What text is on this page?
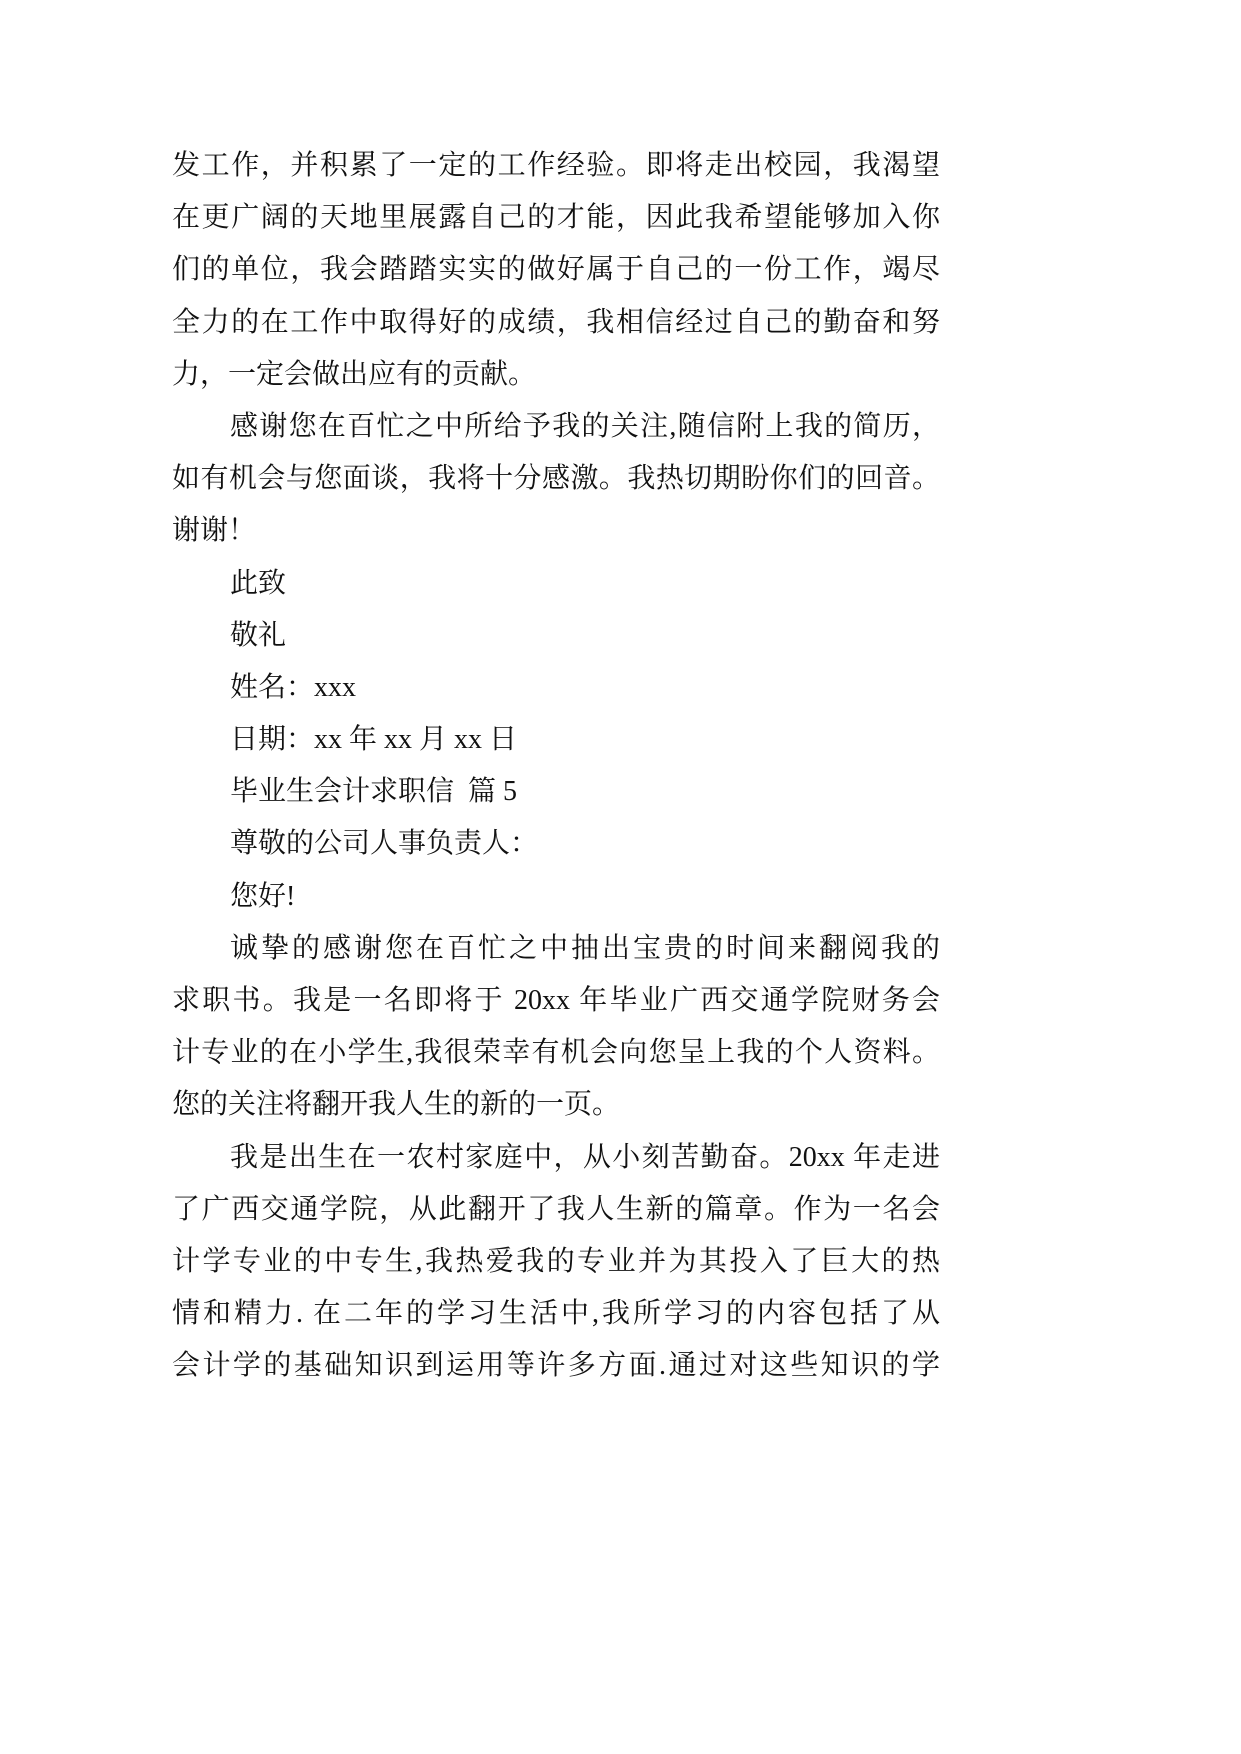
发工作，并积累了一定的工作经验。即将走出校园，我渴望
在更广阔的天地里展露自己的才能，因此我希望能够加入你
们的单位，我会踏踏实实的做好属于自己的一份工作，竭尽
全力的在工作中取得好的成绩，我相信经过自己的勤奋和努
力，一定会做出应有的贡献。
感谢您在百忙之中所给予我的关注,随信附上我的简历，
如有机会与您面谈，我将十分感激。我热切期盼你们的回音。
谢谢！
此致
敬礼
姓名：xxx
日期：xx 年 xx 月 xx 日
毕业生会计求职信  篇 5
尊敬的公司人事负责人：
您好!
诚挚的感谢您在百忙之中抽出宝贵的时间来翻阅我的
求职书。我是一名即将于 20xx 年毕业广西交通学院财务会
计专业的在小学生,我很荣幸有机会向您呈上我的个人资料。
您的关注将翻开我人生的新的一页。
我是出生在一农村家庭中，从小刻苦勤奋。20xx 年走进
了广西交通学院，从此翻开了我人生新的篇章。作为一名会
计学专业的中专生,我热爱我的专业并为其投入了巨大的热
情和精力. 在二年的学习生活中,我所学习的内容包括了从
会计学的基础知识到运用等许多方面.通过对这些知识的学
